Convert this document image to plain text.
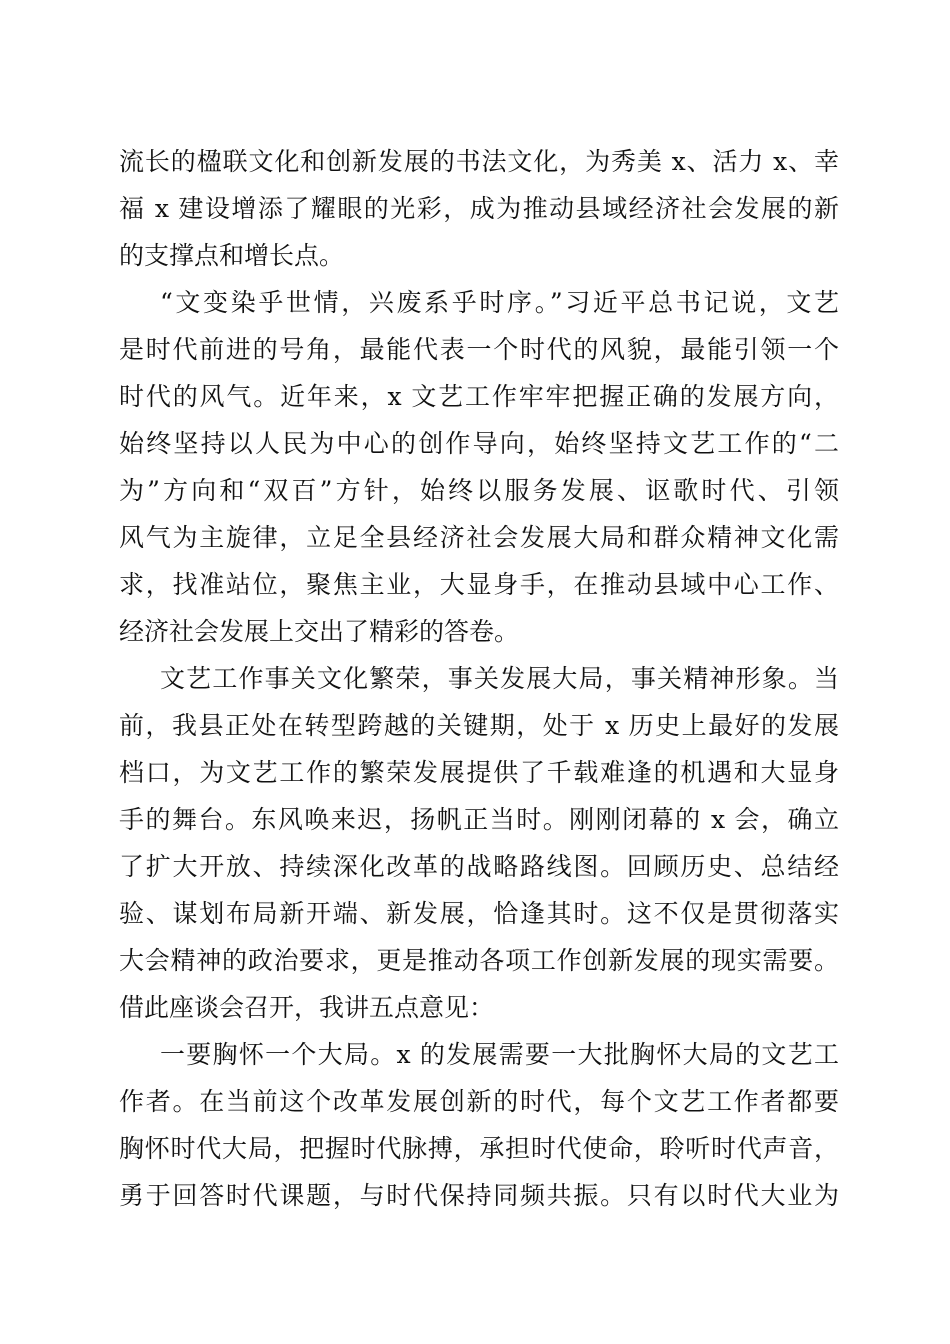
流长的楹联文化和创新发展的书法文化，为秀美 x、活力 x、幸
福 x 建设增添了耀眼的光彩，成为推动县域经济社会发展的新
的支撑点和增长点。
“文变染乎世情，兴废系乎时序。”习近平总书记说，文艺
是时代前进的号角，最能代表一个时代的风貌，最能引领一个
时代的风气。近年来，x 文艺工作牢牢把握正确的发展方向，
始终坚持以人民为中心的创作导向，始终坚持文艺工作的“二
为”方向和“双百”方针，始终以服务发展、讴歌时代、引领
风气为主旋律，立足全县经济社会发展大局和群众精神文化需
求，找准站位，聚焦主业，大显身手，在推动县域中心工作、
经济社会发展上交出了精彩的答卷。
文艺工作事关文化繁荣，事关发展大局，事关精神形象。当
前，我县正处在转型跨越的关键期，处于 x 历史上最好的发展
档口，为文艺工作的繁荣发展提供了千载难逢的机遇和大显身
手的舞台。东风唤来迟，扬帆正当时。刚刚闭幕的 x 会，确立
了扩大开放、持续深化改革的战略路线图。回顾历史、总结经
验、谋划布局新开端、新发展，恰逢其时。这不仅是贯彻落实
大会精神的政治要求，更是推动各项工作创新发展的现实需要。
借此座谈会召开，我讲五点意见：
一要胸怀一个大局。x 的发展需要一大批胸怀大局的文艺工
作者。在当前这个改革发展创新的时代，每个文艺工作者都要
胸怀时代大局，把握时代脉搏，承担时代使命，聆听时代声音，
勇于回答时代课题，与时代保持同频共振。只有以时代大业为
